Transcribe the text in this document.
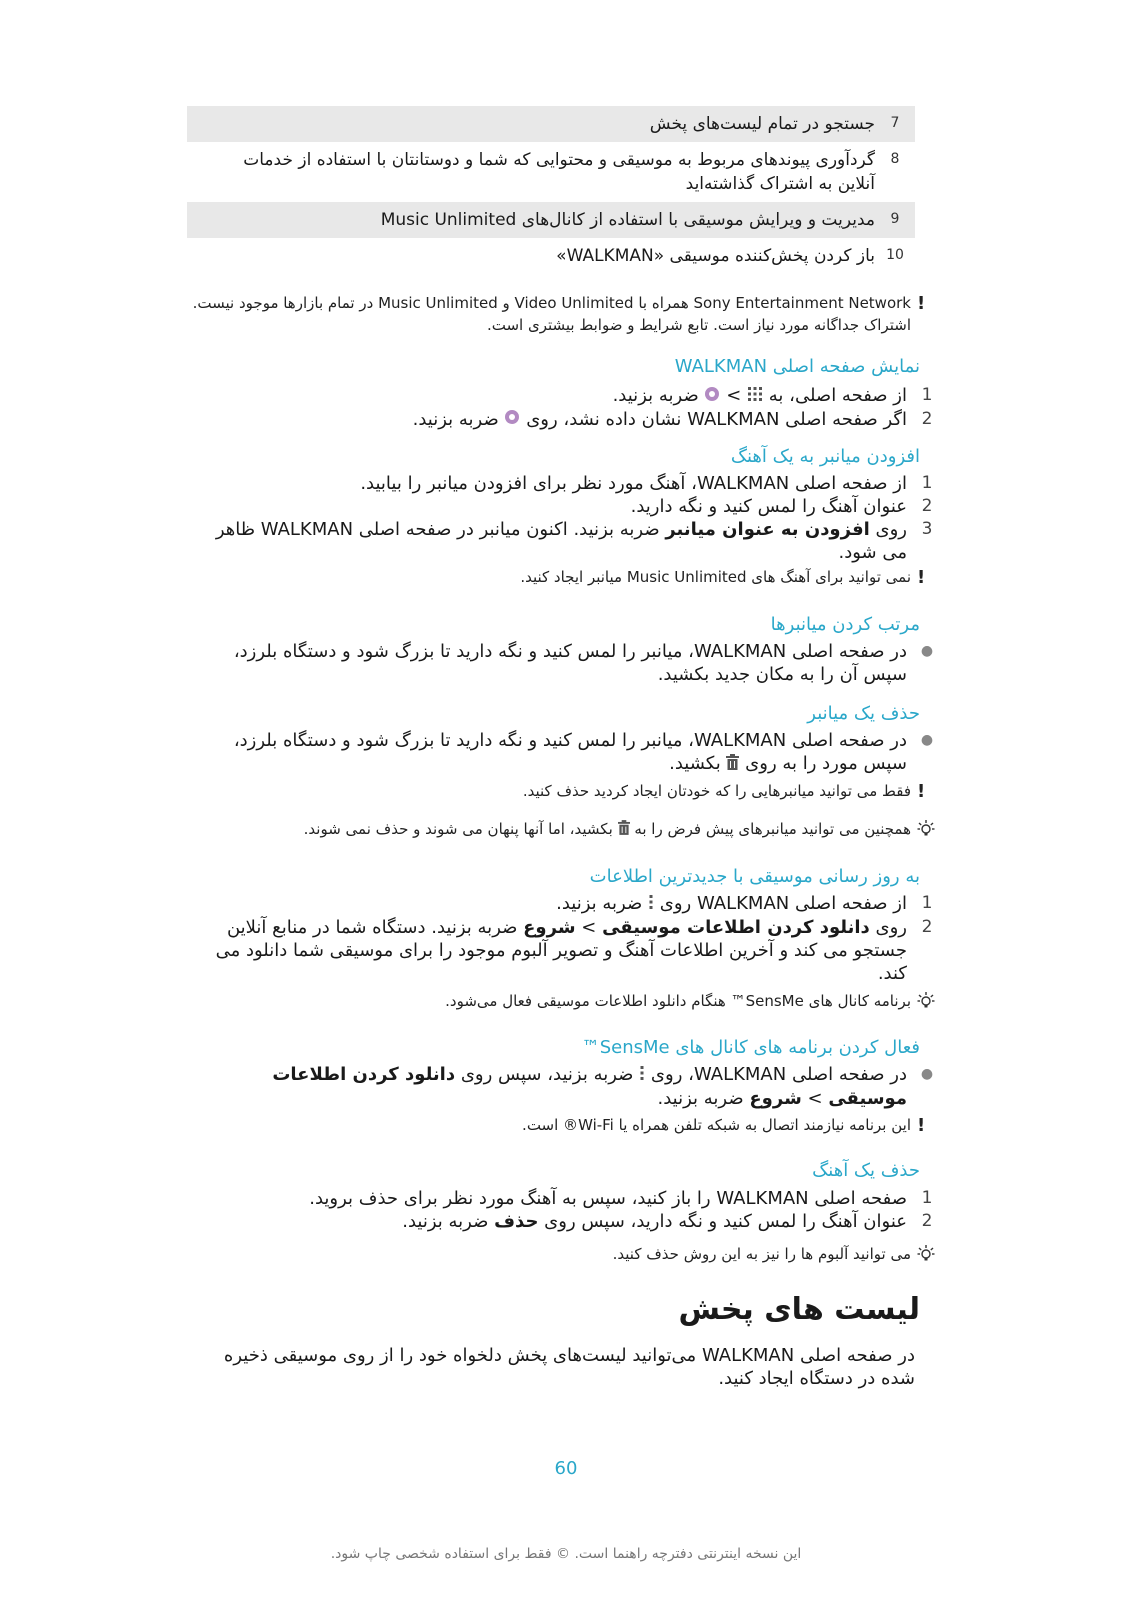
7
جستجو در تمام لیست‌های پخش
8
گردآوری پیوندهای مربوط به موسیقی و محتوایی که شما و دوستانتان با استفاده از خدمات آنلاین به اشتراک گذاشته‌اید
9
مدیریت و ویرایش موسیقی با استفاده از کانال‌های Music Unlimited
10
باز کردن پخش‌کننده موسیقی «WALKMAN»
!
Sony Entertainment Network همراه با Video Unlimited و Music Unlimited در تمام بازارها موجود نیست. اشتراک جداگانه مورد نیاز است. تابع شرایط و ضوابط بیشتری است.
نمایش صفحه اصلی WALKMAN
1
از صفحه اصلی، به  >  ضربه بزنید.
2
اگر صفحه اصلی WALKMAN نشان داده نشد، روی  ضربه بزنید.
افزودن میانبر به یک آهنگ
1
از صفحه اصلی WALKMAN، آهنگ مورد نظر برای افزودن میانبر را بیابید.
2
عنوان آهنگ را لمس کنید و نگه دارید.
3
روی افزودن به عنوان میانبر ضربه بزنید. اکنون میانبر در صفحه اصلی WALKMAN ظاهر می شود.
!
نمی توانید برای آهنگ های Music Unlimited میانبر ایجاد کنید.
مرتب کردن میانبرها
●
در صفحه اصلی WALKMAN، میانبر را لمس کنید و نگه دارید تا بزرگ شود و دستگاه بلرزد، سپس آن را به مکان جدید بکشید.
حذف یک میانبر
●
در صفحه اصلی WALKMAN، میانبر را لمس کنید و نگه دارید تا بزرگ شود و دستگاه بلرزد، سپس مورد را به روی  بکشید.
!
فقط می توانید میانبرهایی را که خودتان ایجاد کردید حذف کنید.
همچنین می توانید میانبرهای پیش فرض را به  بکشید، اما آنها پنهان می شوند و حذف نمی شوند.
به روز رسانی موسیقی با جدیدترین اطلاعات
1
از صفحه اصلی WALKMAN روی  ضربه بزنید.
2
روی دانلود کردن اطلاعات موسیقی > شروع ضربه بزنید. دستگاه شما در منابع آنلاین جستجو می کند و آخرین اطلاعات آهنگ و تصویر آلبوم موجود را برای موسیقی شما دانلود می کند.
برنامه کانال های SensMe™ هنگام دانلود اطلاعات موسیقی فعال می‌شود.
فعال کردن برنامه های کانال های SensMe™
●
در صفحه اصلی WALKMAN، روی  ضربه بزنید، سپس روی دانلود کردن اطلاعات موسیقی > شروع ضربه بزنید.
!
این برنامه نیازمند اتصال به شبکه تلفن همراه یا Wi-Fi® است.
حذف یک آهنگ
1
صفحه اصلی WALKMAN را باز کنید، سپس به آهنگ مورد نظر برای حذف بروید.
2
عنوان آهنگ را لمس کنید و نگه دارید، سپس روی حذف ضربه بزنید.
می توانید آلبوم ها را نیز به این روش حذف کنید.
لیست های پخش
در صفحه اصلی WALKMAN می‌توانید لیست‌های پخش دلخواه خود را از روی موسیقی ذخیره شده در دستگاه ایجاد کنید.
60
این نسخه اینترنتی دفترچه راهنما است. © فقط برای استفاده شخصی چاپ شود.
